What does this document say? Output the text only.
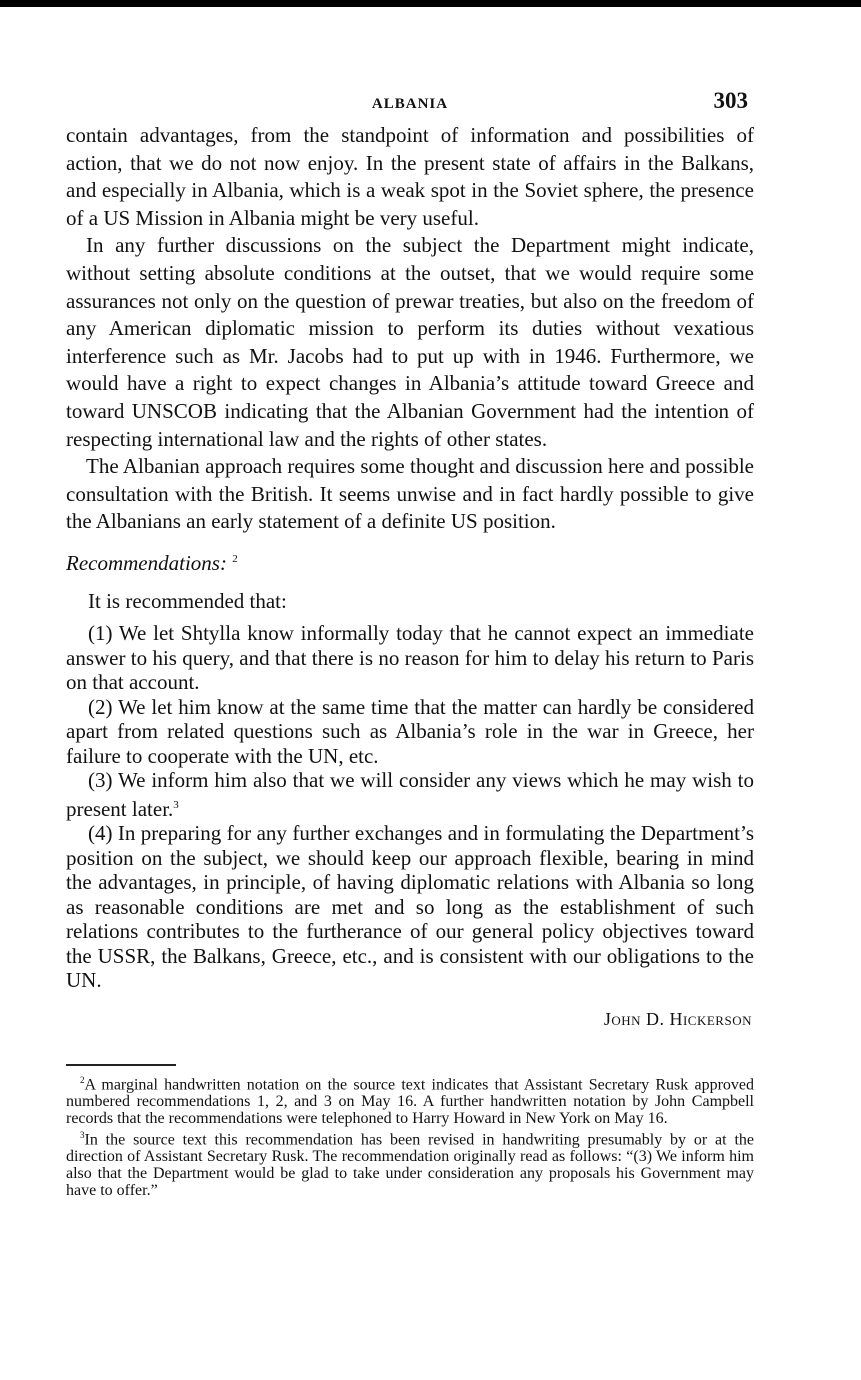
ALBANIA	303

contain advantages, from the standpoint of information and possibilities of action, that we do not now enjoy. In the present state of affairs in the Balkans, and especially in Albania, which is a weak spot in the Soviet sphere, the presence of a US Mission in Albania might be very useful.

In any further discussions on the subject the Department might indicate, without setting absolute conditions at the outset, that we would require some assurances not only on the question of prewar treaties, but also on the freedom of any American diplomatic mission to perform its duties without vexatious interference such as Mr. Jacobs had to put up with in 1946. Furthermore, we would have a right to expect changes in Albania’s attitude toward Greece and toward UNSCOB indicating that the Albanian Government had the intention of respecting international law and the rights of other states.

The Albanian approach requires some thought and discussion here and possible consultation with the British. It seems unwise and in fact hardly possible to give the Albanians an early statement of a definite US position.

Recommendations: $^2$

It is recommended that:

(1) We let Shtylla know informally today that he cannot expect an immediate answer to his query, and that there is no reason for him to delay his return to Paris on that account.

(2) We let him know at the same time that the matter can hardly be considered apart from related questions such as Albania’s role in the war in Greece, her failure to cooperate with the UN, etc.

(3) We inform him also that we will consider any views which he may wish to present later.$^3$

(4) In preparing for any further exchanges and in formulating the Department’s position on the subject, we should keep our approach flexible, bearing in mind the advantages, in principle, of having diplomatic relations with Albania so long as reasonable conditions are met and so long as the establishment of such relations contributes to the furtherance of our general policy objectives toward the USSR, the Balkans, Greece, etc., and is consistent with our obligations to the UN.

John D. Hickerson

$^2$A marginal handwritten notation on the source text indicates that Assistant Secretary Rusk approved numbered recommendations 1, 2, and 3 on May 16. A further handwritten notation by John Campbell records that the recommendations were telephoned to Harry Howard in New York on May 16.

$^3$In the source text this recommendation has been revised in handwriting presumably by or at the direction of Assistant Secretary Rusk. The recommendation originally read as follows: “(3) We inform him also that the Department would be glad to take under consideration any proposals his Government may have to offer.”
